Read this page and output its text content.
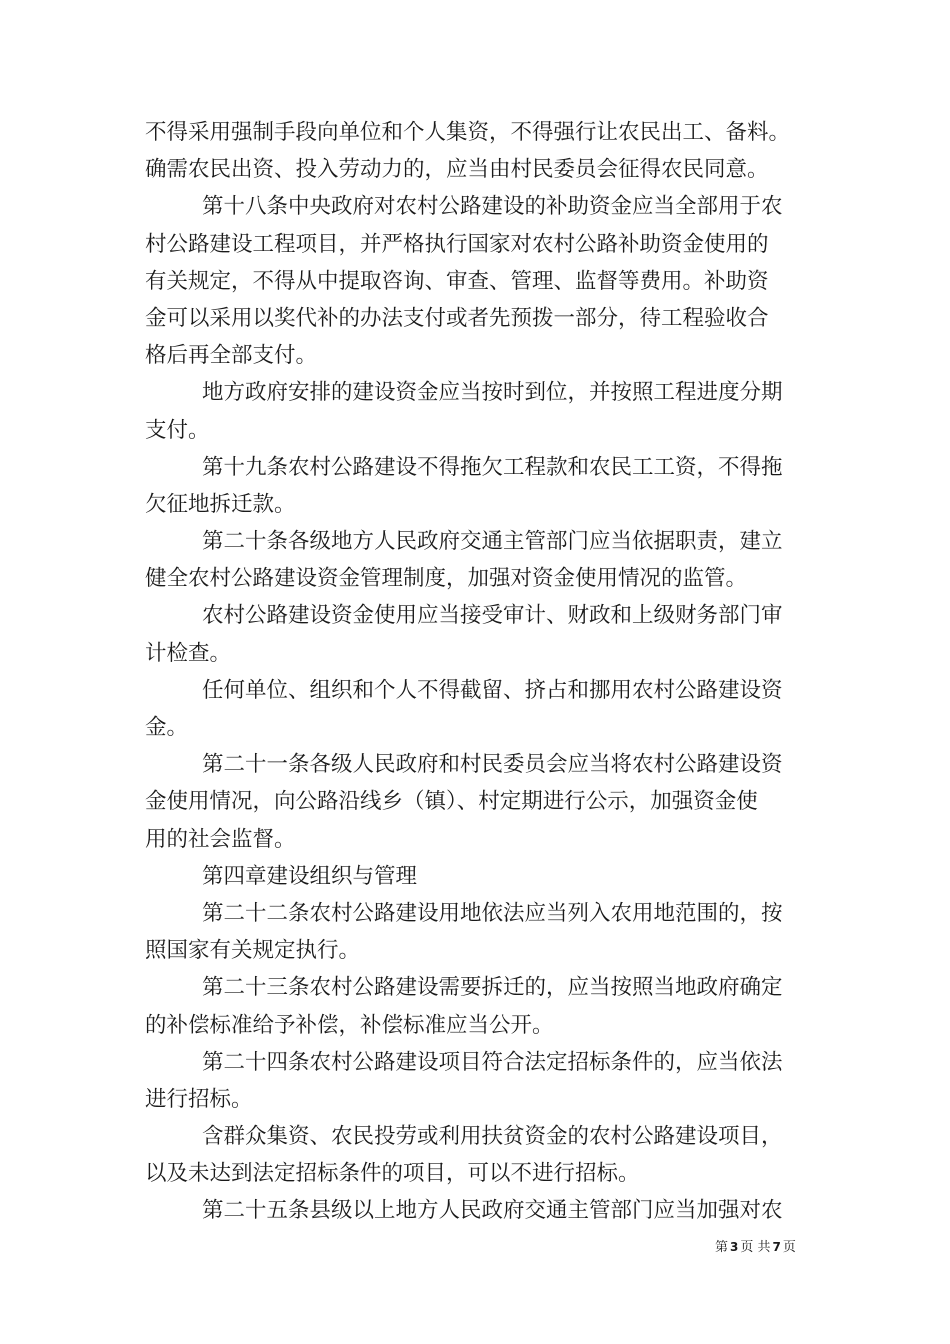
不得采用强制手段向单位和个人集资，不得强行让农民出工、备料。
确需农民出资、投入劳动力的，应当由村民委员会征得农民同意。
第十八条中央政府对农村公路建设的补助资金应当全部用于农
村公路建设工程项目，并严格执行国家对农村公路补助资金使用的
有关规定，不得从中提取咨询、审查、管理、监督等费用。补助资
金可以采用以奖代补的办法支付或者先预拨一部分，待工程验收合
格后再全部支付。
地方政府安排的建设资金应当按时到位，并按照工程进度分期
支付。
第十九条农村公路建设不得拖欠工程款和农民工工资，不得拖
欠征地拆迁款。
第二十条各级地方人民政府交通主管部门应当依据职责，建立
健全农村公路建设资金管理制度，加强对资金使用情况的监管。
农村公路建设资金使用应当接受审计、财政和上级财务部门审
计检查。
任何单位、组织和个人不得截留、挤占和挪用农村公路建设资
金。
第二十一条各级人民政府和村民委员会应当将农村公路建设资
金使用情况，向公路沿线乡（镇）、村定期进行公示，加强资金使
用的社会监督。
第四章建设组织与管理
第二十二条农村公路建设用地依法应当列入农用地范围的，按
照国家有关规定执行。
第二十三条农村公路建设需要拆迁的，应当按照当地政府确定
的补偿标准给予补偿，补偿标准应当公开。
第二十四条农村公路建设项目符合法定招标条件的，应当依法
进行招标。
含群众集资、农民投劳或利用扶贫资金的农村公路建设项目，
以及未达到法定招标条件的项目，可以不进行招标。
第二十五条县级以上地方人民政府交通主管部门应当加强对农
第 3 页 共 7 页
